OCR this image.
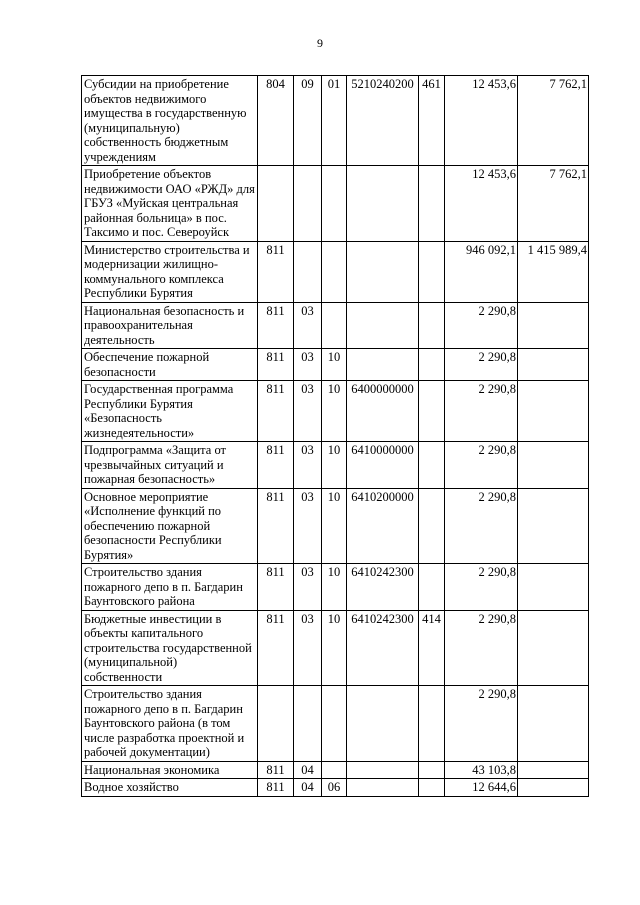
9
Субсидии на приобретение объектов недвижимого имущества в государственную (муниципальную) собственность бюджетным учреждениям	804	09	01	5210240200	461	12 453,6	7 762,1
Приобретение объектов недвижимости ОАО «РЖД» для ГБУЗ «Муйская центральная районная больница» в пос. Таксимо и пос. Североуйск						12 453,6	7 762,1
Министерство строительства и модернизации жилищно-коммунального комплекса Республики Бурятия	811					946 092,1	1 415 989,4
Национальная безопасность и правоохранительная деятельность	811	03				2 290,8	
Обеспечение пожарной безопасности	811	03	10			2 290,8	
Государственная программа Республики Бурятия «Безопасность жизнедеятельности»	811	03	10	6400000000		2 290,8	
Подпрограмма «Защита от чрезвычайных ситуаций и пожарная безопасность»	811	03	10	6410000000		2 290,8	
Основное мероприятие «Исполнение функций по обеспечению пожарной безопасности Республики Бурятия»	811	03	10	6410200000		2 290,8	
Строительство здания пожарного депо в п. Багдарин Баунтовского района	811	03	10	6410242300		2 290,8	
Бюджетные инвестиции в объекты капитального строительства государственной (муниципальной) собственности	811	03	10	6410242300	414	2 290,8	
Строительство здания пожарного депо в п. Багдарин Баунтовского района (в том числе разработка проектной и рабочей документации)						2 290,8	
Национальная экономика	811	04				43 103,8	
Водное хозяйство	811	04	06			12 644,6	
